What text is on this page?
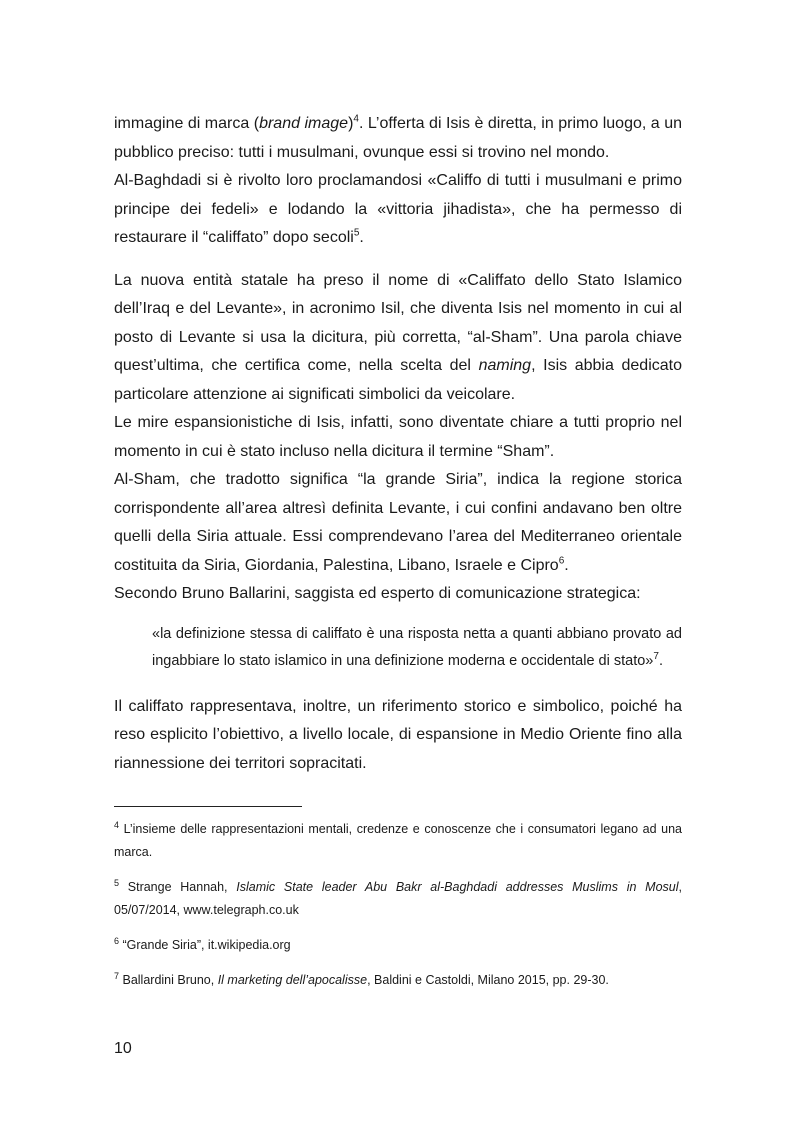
immagine di marca (brand image)$^4$. L’offerta di Isis è diretta, in primo luogo, a un pubblico preciso: tutti i musulmani, ovunque essi si trovino nel mondo.

Al-Baghdadi si è rivolto loro proclamandosi «Califfo di tutti i musulmani e primo principe dei fedeli» e lodando la «vittoria jihadista», che ha permesso di restaurare il “califfato” dopo secoli$^5$.

La nuova entità statale ha preso il nome di «Califfato dello Stato Islamico dell’Iraq e del Levante», in acronimo Isil, che diventa Isis nel momento in cui al posto di Levante si usa la dicitura, più corretta, “al-Sham”. Una parola chiave quest’ultima, che certifica come, nella scelta del naming, Isis abbia dedicato particolare attenzione ai significati simbolici da veicolare.

Le mire espansionistiche di Isis, infatti, sono diventate chiare a tutti proprio nel momento in cui è stato incluso nella dicitura il termine “Sham”.

Al-Sham, che tradotto significa “la grande Siria”, indica la regione storica corrispondente all’area altresì definita Levante, i cui confini andavano ben oltre quelli della Siria attuale. Essi comprendevano l’area del Mediterraneo orientale costituita da Siria, Giordania, Palestina, Libano, Israele e Cipro$^6$.

Secondo Bruno Ballarini, saggista ed esperto di comunicazione strategica:

«la definizione stessa di califfato è una risposta netta a quanti abbiano provato ad ingabbiare lo stato islamico in una definizione moderna e occidentale di stato»$^7$.

Il califfato rappresentava, inoltre, un riferimento storico e simbolico, poiché ha reso esplicito l’obiettivo, a livello locale, di espansione in Medio Oriente fino alla riannessione dei territori sopracitati.

$^4$ L’insieme delle rappresentazioni mentali, credenze e conoscenze che i consumatori legano ad una marca.

$^5$ Strange Hannah, Islamic State leader Abu Bakr al-Baghdadi addresses Muslims in Mosul, 05/07/2014, www.telegraph.co.uk

$^6$ “Grande Siria”, it.wikipedia.org

$^7$ Ballardini Bruno, Il marketing dell’apocalisse, Baldini e Castoldi, Milano 2015, pp. 29-30.

10
